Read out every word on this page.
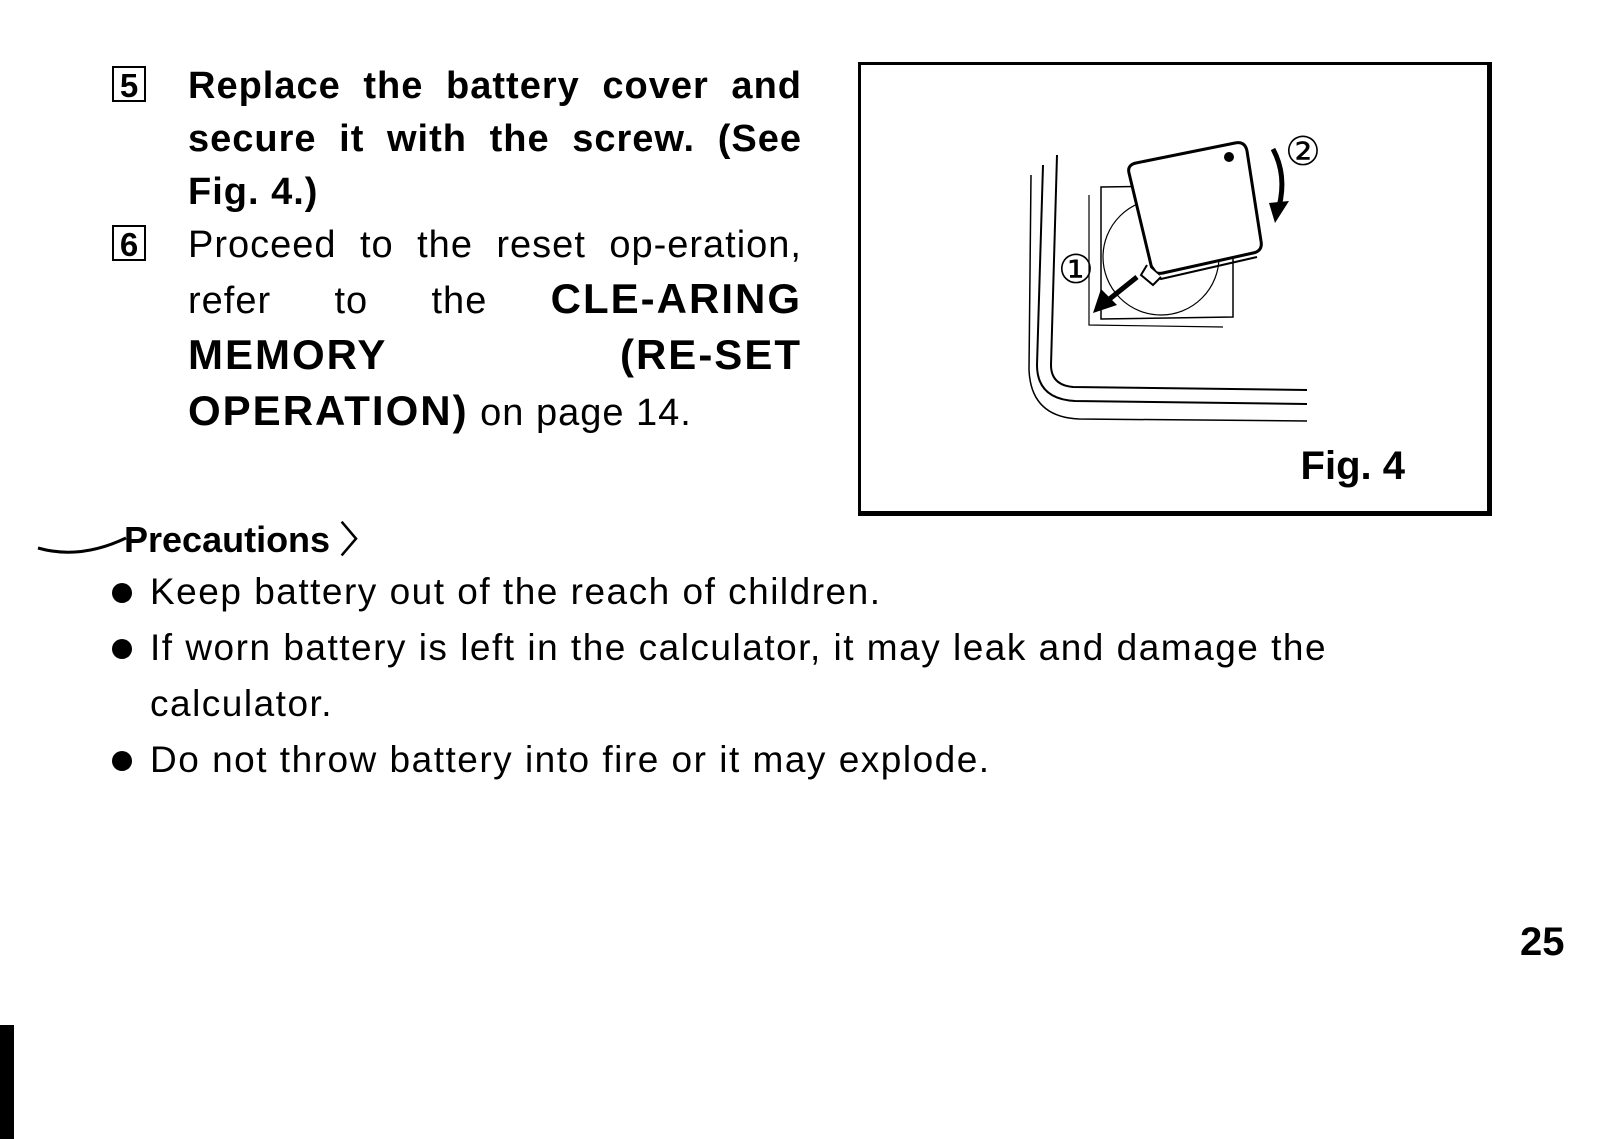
5 Replace the battery cover and secure it with the screw. (See Fig. 4.)
6 Proceed to the reset op-eration, refer to the CLE-ARING MEMORY (RE-SET OPERATION) on page 14.
①
②
Fig. 4
Precautions 〉
Keep battery out of the reach of children.
If worn battery is left in the calculator, it may leak and damage the calculator.
Do not throw battery into fire or it may explode.
25
